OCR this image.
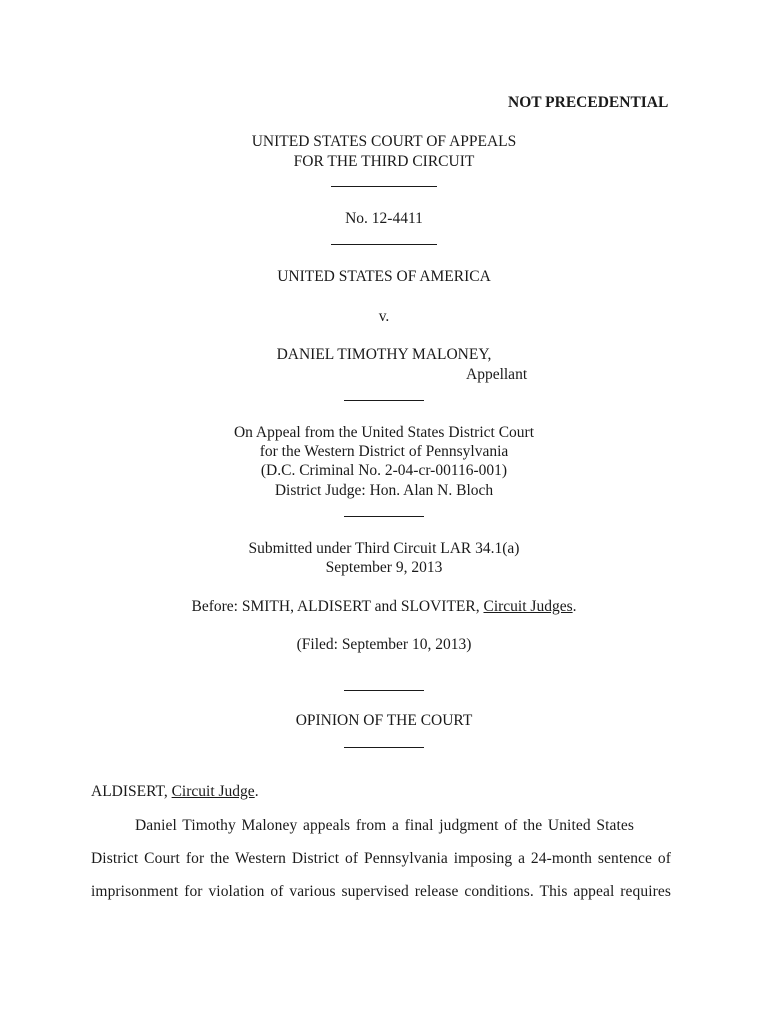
NOT PRECEDENTIAL
UNITED STATES COURT OF APPEALS
FOR THE THIRD CIRCUIT
No. 12-4411
UNITED STATES OF AMERICA
v.
DANIEL TIMOTHY MALONEY,
Appellant
On Appeal from the United States District Court
for the Western District of Pennsylvania
(D.C. Criminal No. 2-04-cr-00116-001)
District Judge: Hon. Alan N. Bloch
Submitted under Third Circuit LAR 34.1(a)
September 9, 2013
Before: SMITH, ALDISERT and SLOVITER, Circuit Judges.
(Filed: September 10, 2013)
OPINION OF THE COURT
ALDISERT, Circuit Judge.
Daniel Timothy Maloney appeals from a final judgment of the United States
District Court for the Western District of Pennsylvania imposing a 24-month sentence of
imprisonment for violation of various supervised release conditions. This appeal requires
